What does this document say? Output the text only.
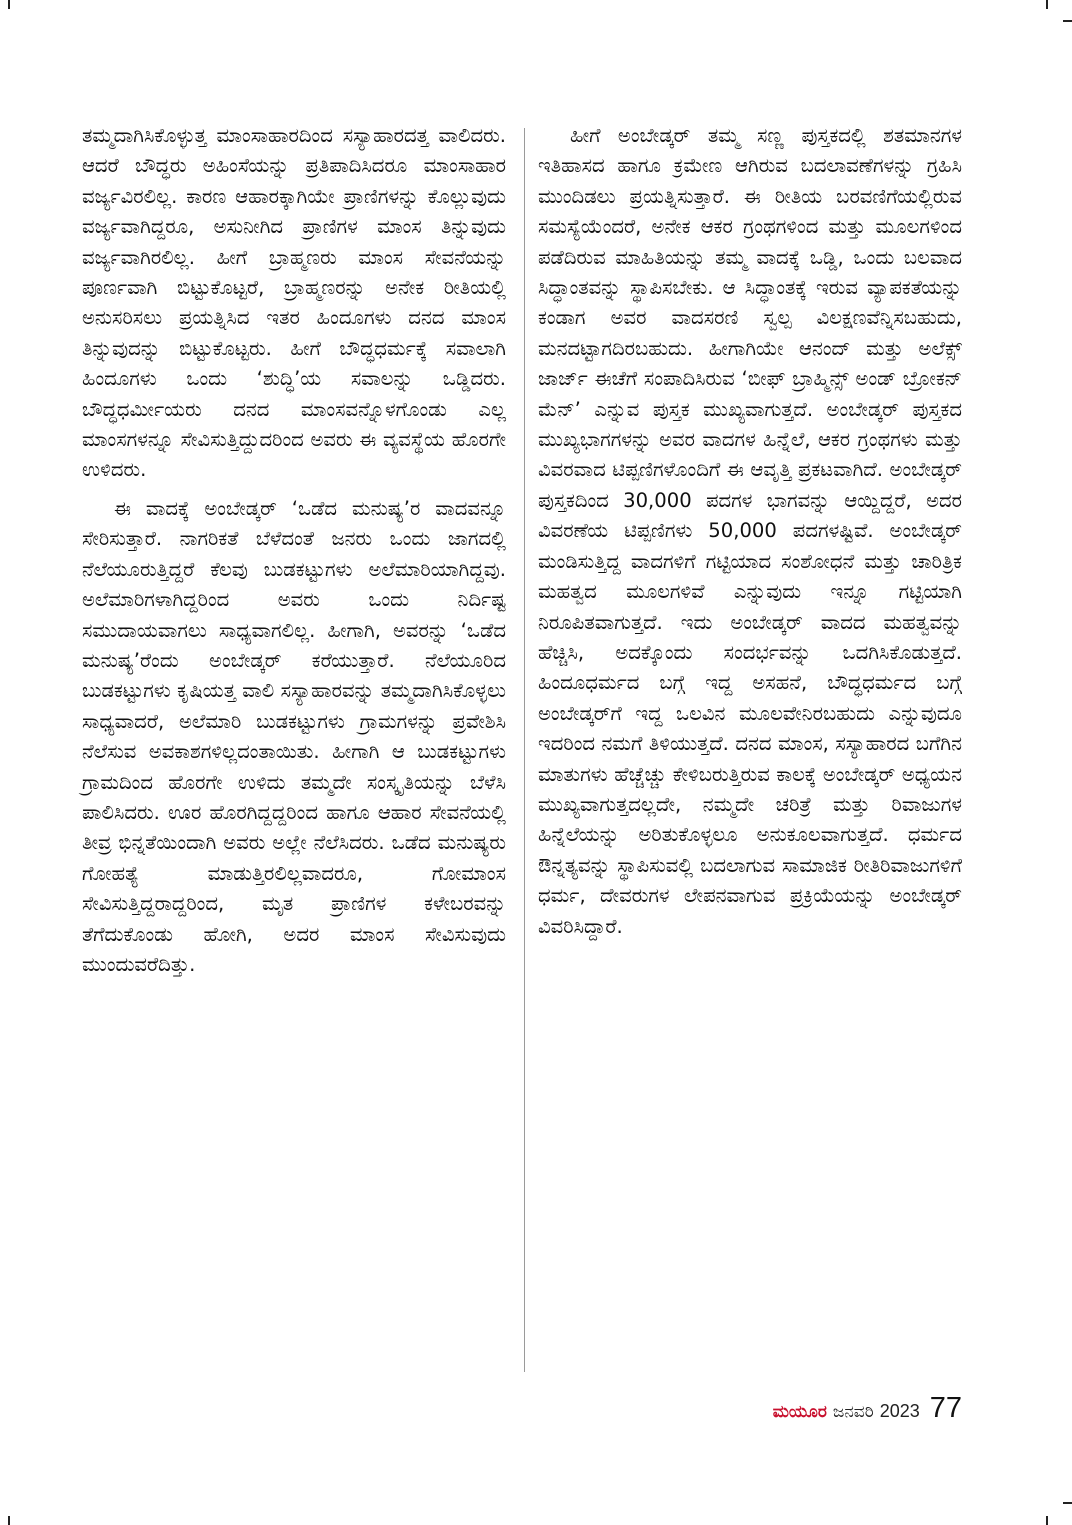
ತಮ್ಮದಾಗಿಸಿಕೊಳ್ಳುತ್ತ ಮಾಂಸಾಹಾರದಿಂದ ಸಸ್ಯಾಹಾರದತ್ತ ವಾಲಿದರು. ಆದರೆ ಬೌದ್ಧರು ಅಹಿಂಸೆಯನ್ನು ಪ್ರತಿಪಾದಿಸಿದರೂ ಮಾಂಸಾಹಾರ ವರ್ಜ್ಯವಿರಲಿಲ್ಲ. ಕಾರಣ ಆಹಾರಕ್ಕಾಗಿಯೇ ಪ್ರಾಣಿಗಳನ್ನು ಕೊಲ್ಲುವುದು ವರ್ಜ್ಯವಾಗಿದ್ದರೂ, ಅಸುನೀಗಿದ ಪ್ರಾಣಿಗಳ ಮಾಂಸ ತಿನ್ನುವುದು ವರ್ಜ್ಯವಾಗಿರಲಿಲ್ಲ. ಹೀಗೆ ಬ್ರಾಹ್ಮಣರು ಮಾಂಸ ಸೇವನೆಯನ್ನು ಪೂರ್ಣವಾಗಿ ಬಿಟ್ಟುಕೊಟ್ಟರೆ, ಬ್ರಾಹ್ಮಣರನ್ನು ಅನೇಕ ರೀತಿಯಲ್ಲಿ ಅನುಸರಿಸಲು ಪ್ರಯತ್ನಿಸಿದ ಇತರ ಹಿಂದೂಗಳು ದನದ ಮಾಂಸ ತಿನ್ನುವುದನ್ನು ಬಿಟ್ಟುಕೊಟ್ಟರು. ಹೀಗೆ ಬೌದ್ಧಧರ್ಮಕ್ಕೆ ಸವಾಲಾಗಿ ಹಿಂದೂಗಳು ಒಂದು ‘ಶುದ್ಧಿ’ಯ ಸವಾಲನ್ನು ಒಡ್ಡಿದರು. ಬೌದ್ಧಧರ್ಮೀಯರು ದನದ ಮಾಂಸವನ್ನೊಳಗೊಂಡು ಎಲ್ಲ ಮಾಂಸಗಳನ್ನೂ ಸೇವಿಸುತ್ತಿದ್ದುದರಿಂದ ಅವರು ಈ ವ್ಯವಸ್ಥೆಯ ಹೊರಗೇ ಉಳಿದರು.

ಈ ವಾದಕ್ಕೆ ಅಂಬೇಡ್ಕರ್ ‘ಒಡೆದ ಮನುಷ್ಯ’ರ ವಾದವನ್ನೂ ಸೇರಿಸುತ್ತಾರೆ. ನಾಗರಿಕತೆ ಬೆಳೆದಂತೆ ಜನರು ಒಂದು ಜಾಗದಲ್ಲಿ ನೆಲೆಯೂರುತ್ತಿದ್ದರೆ ಕೆಲವು ಬುಡಕಟ್ಟುಗಳು ಅಲೆಮಾರಿಯಾಗಿದ್ದವು. ಅಲೆಮಾರಿಗಳಾಗಿದ್ದರಿಂದ ಅವರು ಒಂದು ನಿರ್ದಿಷ್ಟ ಸಮುದಾಯವಾಗಲು ಸಾಧ್ಯವಾಗಲಿಲ್ಲ. ಹೀಗಾಗಿ, ಅವರನ್ನು ‘ಒಡೆದ ಮನುಷ್ಯ’ರೆಂದು ಅಂಬೇಡ್ಕರ್ ಕರೆಯುತ್ತಾರೆ. ನೆಲೆಯೂರಿದ ಬುಡಕಟ್ಟುಗಳು ಕೃಷಿಯತ್ತ ವಾಲಿ ಸಸ್ಯಾಹಾರವನ್ನು ತಮ್ಮದಾಗಿಸಿಕೊಳ್ಳಲು ಸಾಧ್ಯವಾದರೆ, ಅಲೆಮಾರಿ ಬುಡಕಟ್ಟುಗಳು ಗ್ರಾಮಗಳನ್ನು ಪ್ರವೇಶಿಸಿ ನೆಲೆಸುವ ಅವಕಾಶಗಳಿಲ್ಲದಂತಾಯಿತು. ಹೀಗಾಗಿ ಆ ಬುಡಕಟ್ಟುಗಳು ಗ್ರಾಮದಿಂದ ಹೊರಗೇ ಉಳಿದು ತಮ್ಮದೇ ಸಂಸ್ಕೃತಿಯನ್ನು ಬೆಳೆಸಿ ಪಾಲಿಸಿದರು. ಊರ ಹೊರಗಿದ್ದದ್ದರಿಂದ ಹಾಗೂ ಆಹಾರ ಸೇವನೆಯಲ್ಲಿ ತೀವ್ರ ಭಿನ್ನತೆಯಿಂದಾಗಿ ಅವರು ಅಲ್ಲೇ ನೆಲೆಸಿದರು. ಒಡೆದ ಮನುಷ್ಯರು ಗೋಹತ್ಯೆ ಮಾಡುತ್ತಿರಲಿಲ್ಲವಾದರೂ, ಗೋಮಾಂಸ ಸೇವಿಸುತ್ತಿದ್ದರಾದ್ದರಿಂದ, ಮೃತ ಪ್ರಾಣಿಗಳ ಕಳೇಬರವನ್ನು ತೆಗೆದುಕೊಂಡು ಹೋಗಿ, ಅದರ ಮಾಂಸ ಸೇವಿಸುವುದು ಮುಂದುವರೆದಿತ್ತು.

ಹೀಗೆ ಅಂಬೇಡ್ಕರ್ ತಮ್ಮ ಸಣ್ಣ ಪುಸ್ತಕದಲ್ಲಿ ಶತಮಾನಗಳ ಇತಿಹಾಸದ ಹಾಗೂ ಕ್ರಮೇಣ ಆಗಿರುವ ಬದಲಾವಣೆಗಳನ್ನು ಗ್ರಹಿಸಿ ಮುಂದಿಡಲು ಪ್ರಯತ್ನಿಸುತ್ತಾರೆ. ಈ ರೀತಿಯ ಬರವಣಿಗೆಯಲ್ಲಿರುವ ಸಮಸ್ಯೆಯೆಂದರೆ, ಅನೇಕ ಆಕರ ಗ್ರಂಥಗಳಿಂದ ಮತ್ತು ಮೂಲಗಳಿಂದ ಪಡೆದಿರುವ ಮಾಹಿತಿಯನ್ನು ತಮ್ಮ ವಾದಕ್ಕೆ ಒಡ್ಡಿ, ಒಂದು ಬಲವಾದ ಸಿದ್ಧಾಂತವನ್ನು ಸ್ಥಾಪಿಸಬೇಕು. ಆ ಸಿದ್ಧಾಂತಕ್ಕೆ ಇರುವ ವ್ಯಾಪಕತೆಯನ್ನು ಕಂಡಾಗ ಅವರ ವಾದಸರಣಿ ಸ್ವಲ್ಪ ವಿಲಕ್ಷಣವೆನ್ನಿಸಬಹುದು, ಮನದಟ್ಟಾಗದಿರಬಹುದು. ಹೀಗಾಗಿಯೇ ಆನಂದ್ ಮತ್ತು ಅಲೆಕ್ಸ್ ಜಾರ್ಜ್ ಈಚೆಗೆ ಸಂಪಾದಿಸಿರುವ ‘ಬೀಫ್ ಬ್ರಾಹ್ಮಿನ್ಸ್ ಅಂಡ್ ಬ್ರೋಕನ್ ಮೆನ್’ ಎನ್ನುವ ಪುಸ್ತಕ ಮುಖ್ಯವಾಗುತ್ತದೆ. ಅಂಬೇಡ್ಕರ್ ಪುಸ್ತಕದ ಮುಖ್ಯಭಾಗಗಳನ್ನು ಅವರ ವಾದಗಳ ಹಿನ್ನೆಲೆ, ಆಕರ ಗ್ರಂಥಗಳು ಮತ್ತು ವಿವರವಾದ ಟಿಪ್ಪಣಿಗಳೊಂದಿಗೆ ಈ ಆವೃತ್ತಿ ಪ್ರಕಟವಾಗಿದೆ. ಅಂಬೇಡ್ಕರ್ ಪುಸ್ತಕದಿಂದ 30,000 ಪದಗಳ ಭಾಗವನ್ನು ಆಯ್ದಿದ್ದರೆ, ಅದರ ವಿವರಣೆಯ ಟಿಪ್ಪಣಿಗಳು 50,000 ಪದಗಳಷ್ಟಿವೆ. ಅಂಬೇಡ್ಕರ್ ಮಂಡಿಸುತ್ತಿದ್ದ ವಾದಗಳಿಗೆ ಗಟ್ಟಿಯಾದ ಸಂಶೋಧನೆ ಮತ್ತು ಚಾರಿತ್ರಿಕ ಮಹತ್ವದ ಮೂಲಗಳಿವೆ ಎನ್ನುವುದು ಇನ್ನೂ ಗಟ್ಟಿಯಾಗಿ ನಿರೂಪಿತವಾಗುತ್ತದೆ. ಇದು ಅಂಬೇಡ್ಕರ್ ವಾದದ ಮಹತ್ವವನ್ನು ಹೆಚ್ಚಿಸಿ, ಅದಕ್ಕೊಂದು ಸಂದರ್ಭವನ್ನು ಒದಗಿಸಿಕೊಡುತ್ತದೆ. ಹಿಂದೂಧರ್ಮದ ಬಗ್ಗೆ ಇದ್ದ ಅಸಹನೆ, ಬೌದ್ಧಧರ್ಮದ ಬಗ್ಗೆ ಅಂಬೇಡ್ಕರ್‌ಗೆ ಇದ್ದ ಒಲವಿನ ಮೂಲವೇನಿರಬಹುದು ಎನ್ನುವುದೂ ಇದರಿಂದ ನಮಗೆ ತಿಳಿಯುತ್ತದೆ. ದನದ ಮಾಂಸ, ಸಸ್ಯಾಹಾರದ ಬಗೆಗಿನ ಮಾತುಗಳು ಹೆಚ್ಚೆಚ್ಚು ಕೇಳಿಬರುತ್ತಿರುವ ಕಾಲಕ್ಕೆ ಅಂಬೇಡ್ಕರ್ ಅಧ್ಯಯನ ಮುಖ್ಯವಾಗುತ್ತದಲ್ಲದೇ, ನಮ್ಮದೇ ಚರಿತ್ರೆ ಮತ್ತು ರಿವಾಜುಗಳ ಹಿನ್ನೆಲೆಯನ್ನು ಅರಿತುಕೊಳ್ಳಲೂ ಅನುಕೂಲವಾಗುತ್ತದೆ. ಧರ್ಮದ ಔನ್ನತ್ಯವನ್ನು ಸ್ಥಾಪಿಸುವಲ್ಲಿ ಬದಲಾಗುವ ಸಾಮಾಜಿಕ ರೀತಿರಿವಾಜುಗಳಿಗೆ ಧರ್ಮ, ದೇವರುಗಳ ಲೇಪನವಾಗುವ ಪ್ರಕ್ರಿಯೆಯನ್ನು ಅಂಬೇಡ್ಕರ್ ವಿವರಿಸಿದ್ದಾರೆ.

ಮಯೂರ ಜನವರಿ 2023 77
